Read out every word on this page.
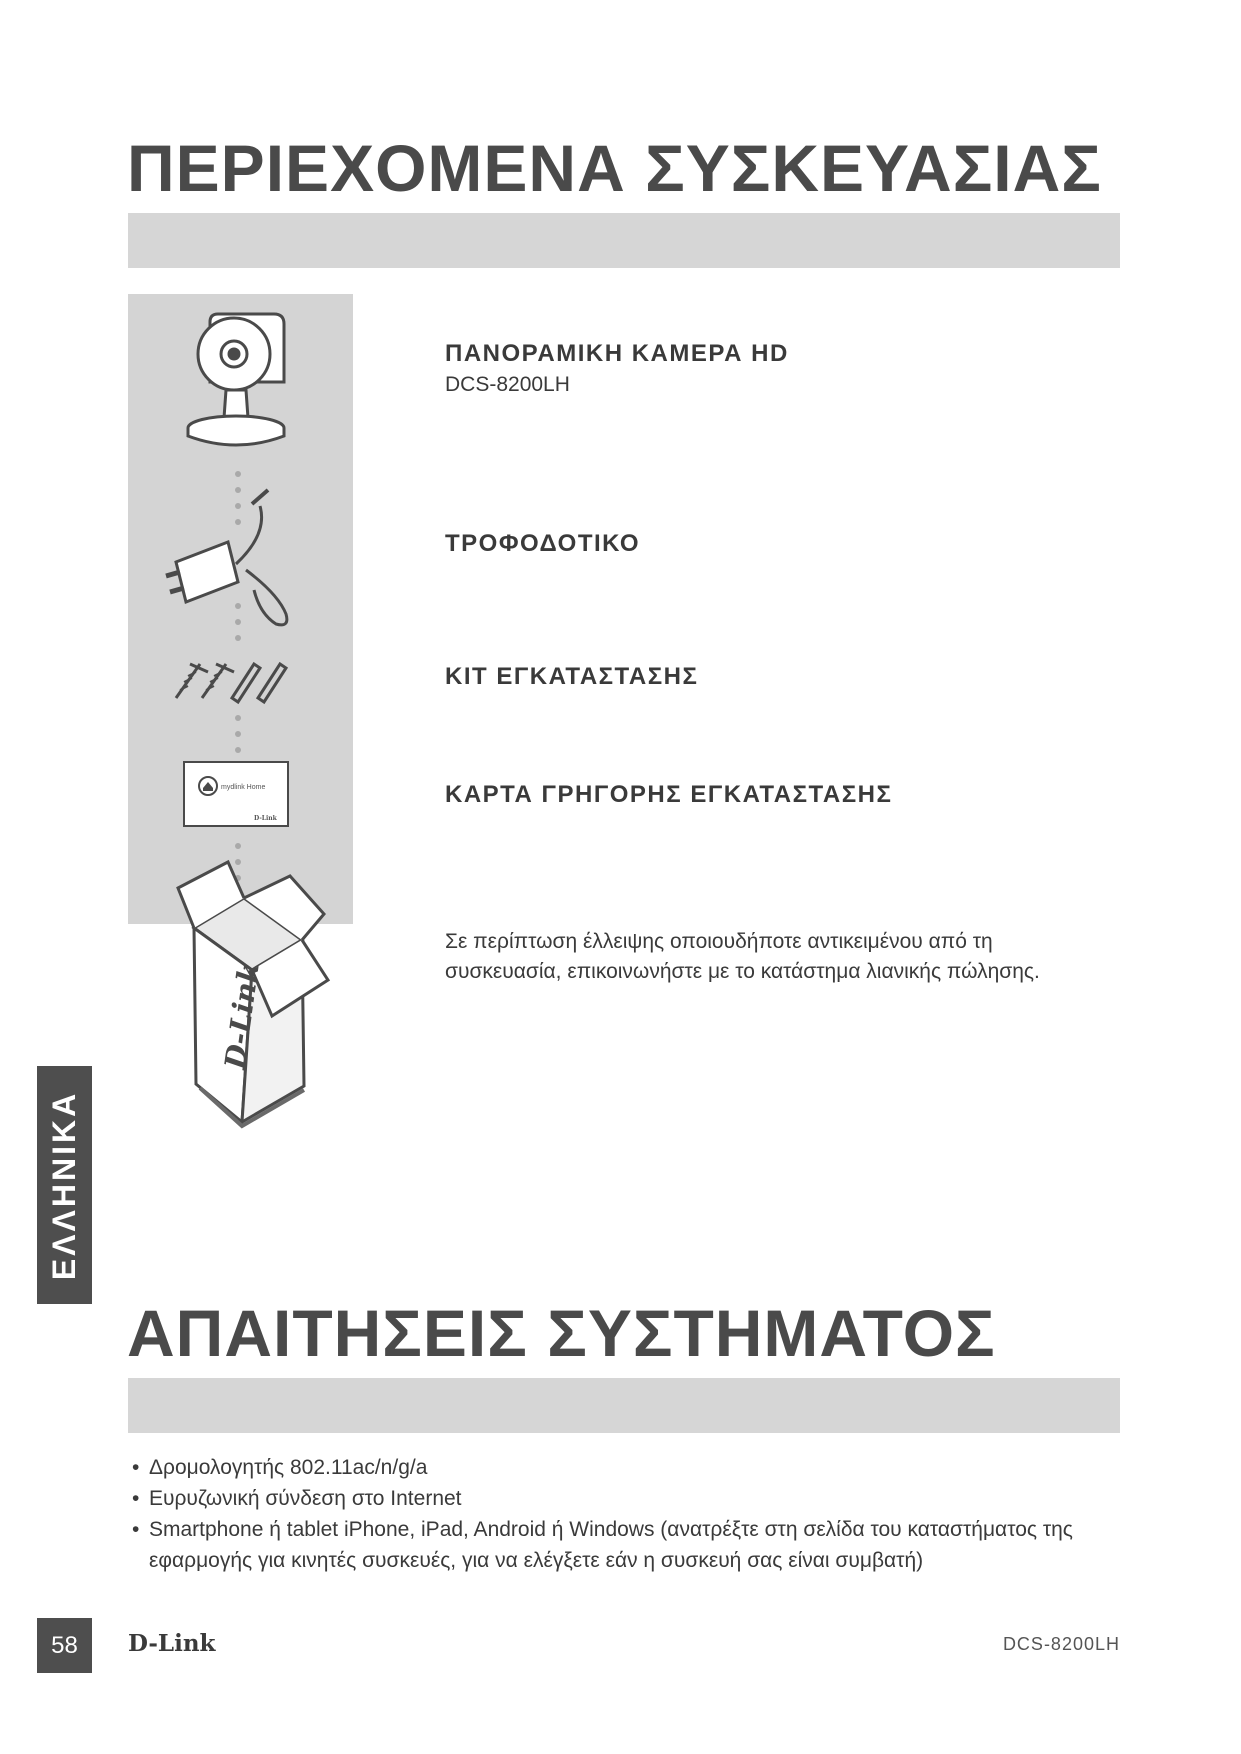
ΠΕΡΙΕΧΟΜΕΝΑ ΣΥΣΚΕΥΑΣΙΑΣ
mydlink Home
D-Link
D-Link
ΠΑΝΟΡΑΜΙΚΗ ΚΑΜΕΡΑ HD
DCS-8200LH
ΤΡΟΦΟΔΟΤΙΚΟ
ΚΙΤ ΕΓΚΑΤΑΣΤΑΣΗΣ
ΚΑΡΤΑ ΓΡΗΓΟΡΗΣ ΕΓΚΑΤΑΣΤΑΣΗΣ
Σε περίπτωση έλλειψης οποιουδήποτε αντικειμένου από τη συσκευασία, επικοινωνήστε με το κατάστημα λιανικής πώλησης.
ΕΛΛΗΝΙΚΑ
ΑΠΑΙΤΗΣΕΙΣ ΣΥΣΤΗΜΑΤΟΣ
• Δρομολογητής 802.11ac/n/g/a
• Ευρυζωνική σύνδεση στο Internet
• Smartphone ή tablet iPhone, iPad, Android ή Windows (ανατρέξτε στη σελίδα του καταστήματος της εφαρμογής για κινητές συσκευές, για να ελέγξετε εάν η συσκευή σας είναι συμβατή)
58	D-Link	DCS-8200LH
